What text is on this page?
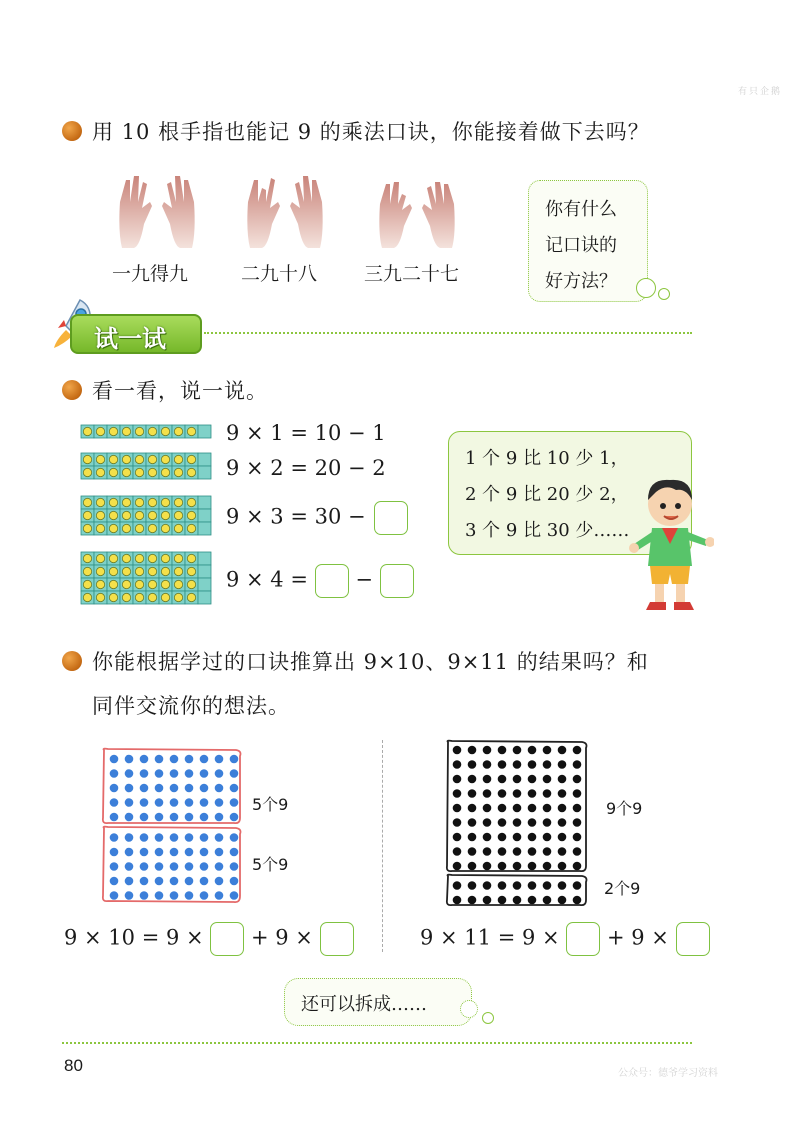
有只企鹅
用 10 根手指也能记 9 的乘法口诀，你能接着做下去吗？
一九得九	二九十八 三九二十七
你有什么
记口诀的
好方法？
试一试
看一看，说一说。
9 × 1 = 10 − 1
9 × 2 = 20 − 2
9 × 3 = 30 −
9 × 4 = −
1 个 9 比 10 少 1，
2 个 9 比 20 少 2，
3 个 9 比 30 少……
你能根据学过的口诀推算出 9×10、9×11 的结果吗？和
同伴交流你的想法。
5个9
5个9
9个9
2个9
9 × 10 = 9 × + 9 ×	9 × 11 = 9 × + 9 ×
还可以拆成……
80	公众号：德爷学习资料
